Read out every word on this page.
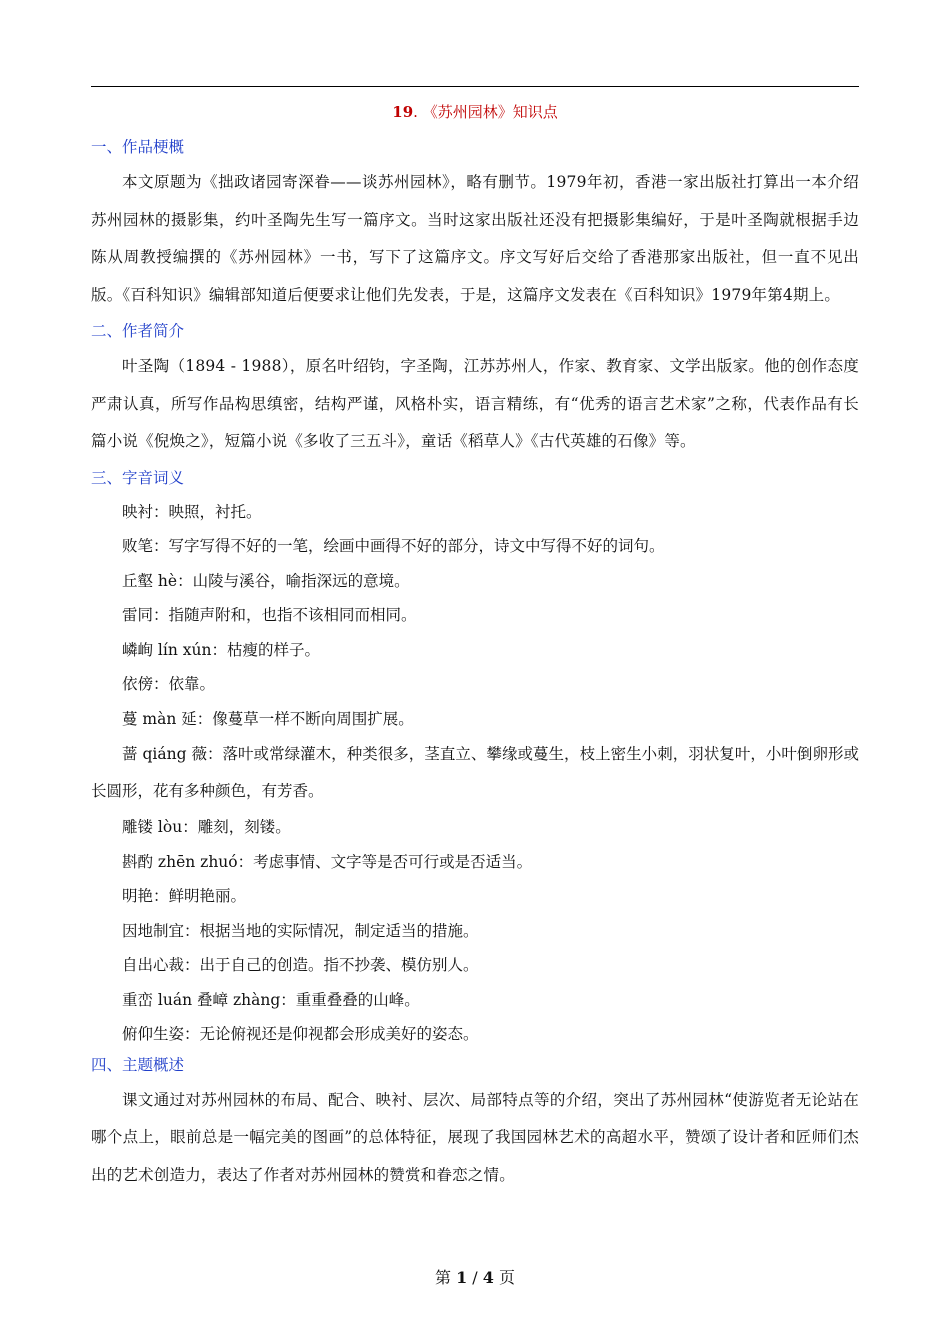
19. 《苏州园林》知识点
一、作品梗概

本文原题为《拙政诸园寄深眷——谈苏州园林》，略有删节。1979年初，香港一家出版社打算出一本介绍苏州园林的摄影集，约叶圣陶先生写一篇序文。当时这家出版社还没有把摄影集编好，于是叶圣陶就根据手边陈从周教授编撰的《苏州园林》一书，写下了这篇序文。序文写好后交给了香港那家出版社，但一直不见出版。《百科知识》编辑部知道后便要求让他们先发表，于是，这篇序文发表在《百科知识》1979年第4期上。

二、作者简介

叶圣陶（1894 - 1988），原名叶绍钧，字圣陶，江苏苏州人，作家、教育家、文学出版家。他的创作态度严肃认真，所写作品构思缜密，结构严谨，风格朴实，语言精练，有“优秀的语言艺术家”之称，代表作品有长篇小说《倪焕之》，短篇小说《多收了三五斗》，童话《稻草人》《古代英雄的石像》等。

三、字音词义

映衬：映照，衬托。

败笔：写字写得不好的一笔，绘画中画得不好的部分，诗文中写得不好的词句。

丘壑 hè：山陵与溪谷，喻指深远的意境。

雷同：指随声附和，也指不该相同而相同。

嶙峋 lín xún：枯瘦的样子。

依傍：依靠。

蔓 màn 延：像蔓草一样不断向周围扩展。

蔷 qiáng 薇：落叶或常绿灌木，种类很多，茎直立、攀缘或蔓生，枝上密生小刺，羽状复叶，小叶倒卵形或长圆形，花有多种颜色，有芳香。

雕镂 lòu：雕刻，刻镂。

斟酌 zhēn zhuó：考虑事情、文字等是否可行或是否适当。

明艳：鲜明艳丽。

因地制宜：根据当地的实际情况，制定适当的措施。

自出心裁：出于自己的创造。指不抄袭、模仿别人。

重峦 luán 叠嶂 zhàng：重重叠叠的山峰。

俯仰生姿：无论俯视还是仰视都会形成美好的姿态。

四、主题概述

课文通过对苏州园林的布局、配合、映衬、层次、局部特点等的介绍，突出了苏州园林“使游览者无论站在哪个点上，眼前总是一幅完美的图画”的总体特征，展现了我国园林艺术的高超水平，赞颂了设计者和匠师们杰出的艺术创造力，表达了作者对苏州园林的赞赏和眷恋之情。

第 1 / 4 页
